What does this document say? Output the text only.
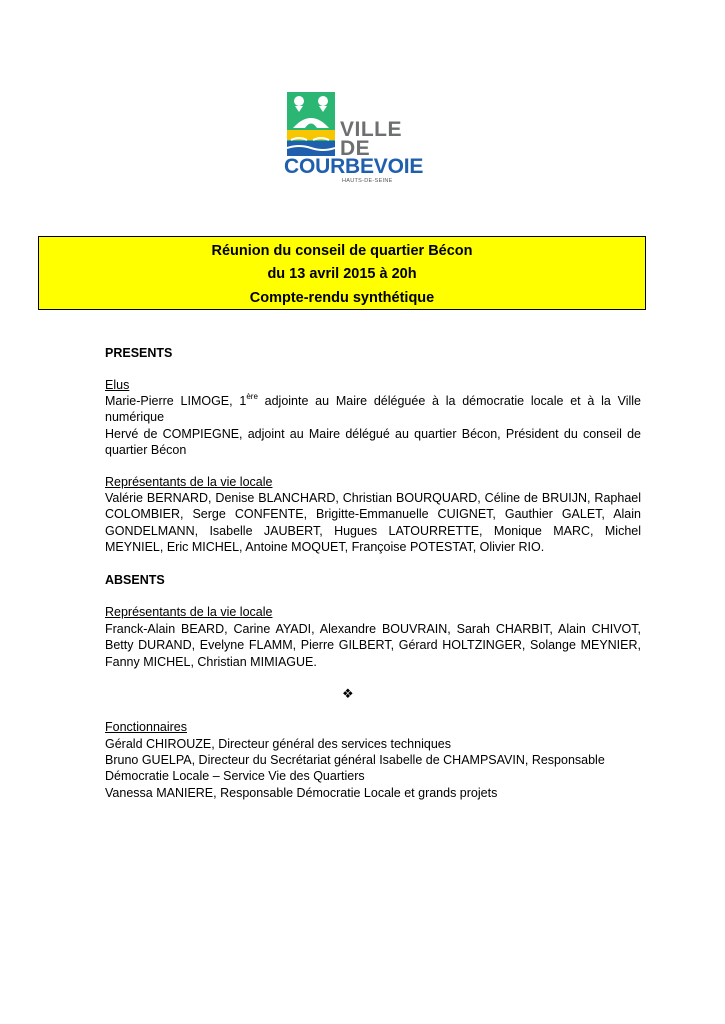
VILLE
DE
COURBEVOIE
HAUTS-DE-SEINE
Réunion du conseil de quartier Bécon
du 13 avril 2015 à 20h
Compte-rendu synthétique
PRESENTS
Elus
Marie-Pierre LIMOGE, 1ère adjointe au Maire déléguée à la démocratie locale et à la Ville numérique
Hervé de COMPIEGNE, adjoint au Maire délégué au quartier Bécon, Président du conseil de quartier Bécon
Représentants de la vie locale
Valérie BERNARD, Denise BLANCHARD, Christian BOURQUARD, Céline de BRUIJN, Raphael COLOMBIER, Serge CONFENTE, Brigitte-Emmanuelle CUIGNET, Gauthier GALET, Alain GONDELMANN, Isabelle JAUBERT, Hugues LATOURRETTE, Monique MARC, Michel MEYNIEL, Eric MICHEL, Antoine MOQUET, Françoise POTESTAT, Olivier RIO.
ABSENTS
Représentants de la vie locale
Franck-Alain BEARD, Carine AYADI, Alexandre BOUVRAIN, Sarah CHARBIT, Alain CHIVOT, Betty DURAND, Evelyne FLAMM, Pierre GILBERT, Gérard HOLTZINGER, Solange MEYNIER, Fanny MICHEL, Christian MIMIAGUE.
❖
Fonctionnaires
Gérald CHIROUZE, Directeur général des services techniques
Bruno GUELPA, Directeur du Secrétariat général Isabelle de CHAMPSAVIN, Responsable
Démocratie Locale – Service Vie des Quartiers
Vanessa MANIERE, Responsable Démocratie Locale et grands projets
